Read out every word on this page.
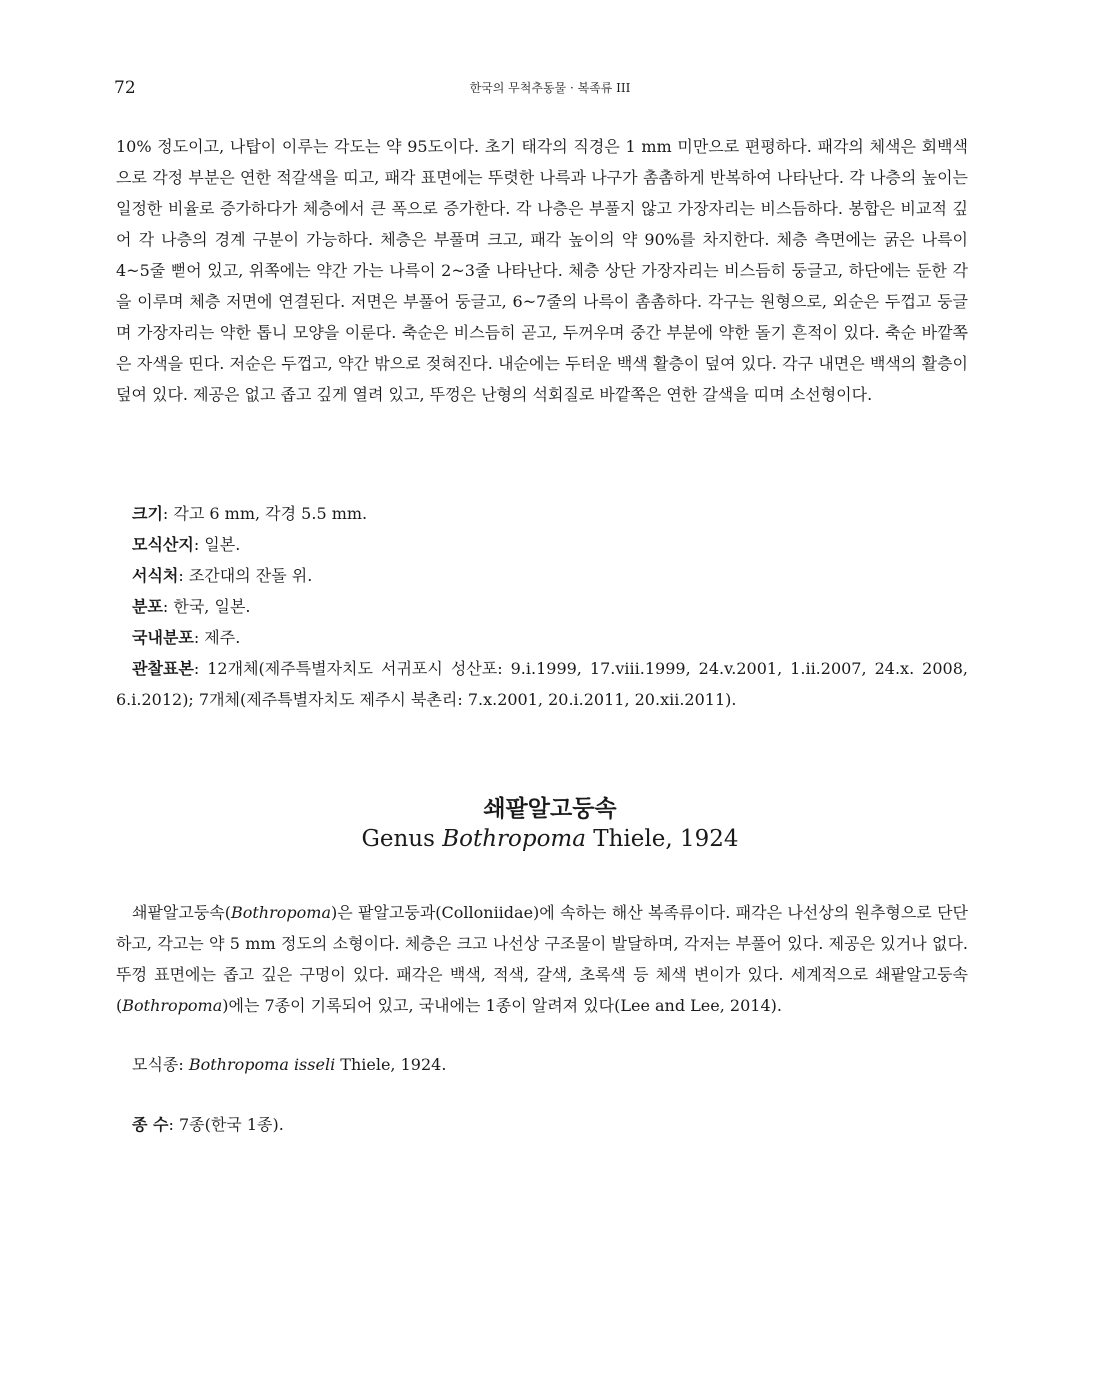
72	한국의 무척추동물 · 복족류 III
10% 정도이고, 나탑이 이루는 각도는 약 95도이다. 초기 태각의 직경은 1 mm 미만으로 편평하다. 패각의 체색은 회백색으로 각정 부분은 연한 적갈색을 띠고, 패각 표면에는 뚜렷한 나륵과 나구가 촘촘하게 반복하여 나타난다. 각 나층의 높이는 일정한 비율로 증가하다가 체층에서 큰 폭으로 증가한다. 각 나층은 부풀지 않고 가장자리는 비스듬하다. 봉합은 비교적 깊어 각 나층의 경계 구분이 가능하다. 체층은 부풀며 크고, 패각 높이의 약 90%를 차지한다. 체층 측면에는 굵은 나륵이 4~5줄 뻗어 있고, 위쪽에는 약간 가는 나륵이 2~3줄 나타난다. 체층 상단 가장자리는 비스듬히 둥글고, 하단에는 둔한 각을 이루며 체층 저면에 연결된다. 저면은 부풀어 둥글고, 6~7줄의 나륵이 촘촘하다. 각구는 원형으로, 외순은 두껍고 둥글며 가장자리는 약한 톱니 모양을 이룬다. 축순은 비스듬히 곧고, 두꺼우며 중간 부분에 약한 돌기 흔적이 있다. 축순 바깥쪽은 자색을 띤다. 저순은 두껍고, 약간 밖으로 젖혀진다. 내순에는 두터운 백색 활층이 덮여 있다. 각구 내면은 백색의 활층이 덮여 있다. 제공은 없고 좁고 깊게 열려 있고, 뚜껑은 난형의 석회질로 바깥쪽은 연한 갈색을 띠며 소선형이다.

크기: 각고 6 mm, 각경 5.5 mm.

모식산지: 일본.

서식처: 조간대의 잔돌 위.

분포: 한국, 일본.

국내분포: 제주.

관찰표본: 12개체(제주특별자치도 서귀포시 성산포: 9.i.1999, 17.viii.1999, 24.v.2001, 1.ii.2007, 24.x. 2008, 6.i.2012); 7개체(제주특별자치도 제주시 북촌리: 7.x.2001, 20.i.2011, 20.xii.2011).

쇄팥알고둥속
Genus Bothropoma Thiele, 1924
쇄팥알고둥속(Bothropoma)은 팥알고둥과(Colloniidae)에 속하는 해산 복족류이다. 패각은 나선상의 원추형으로 단단하고, 각고는 약 5 mm 정도의 소형이다. 체층은 크고 나선상 구조물이 발달하며, 각저는 부풀어 있다. 제공은 있거나 없다. 뚜껑 표면에는 좁고 깊은 구멍이 있다. 패각은 백색, 적색, 갈색, 초록색 등 체색 변이가 있다. 세계적으로 쇄팥알고둥속(Bothropoma)에는 7종이 기록되어 있고, 국내에는 1종이 알려져 있다(Lee and Lee, 2014).
모식종: Bothropoma isseli Thiele, 1924.
종 수: 7종(한국 1종).
